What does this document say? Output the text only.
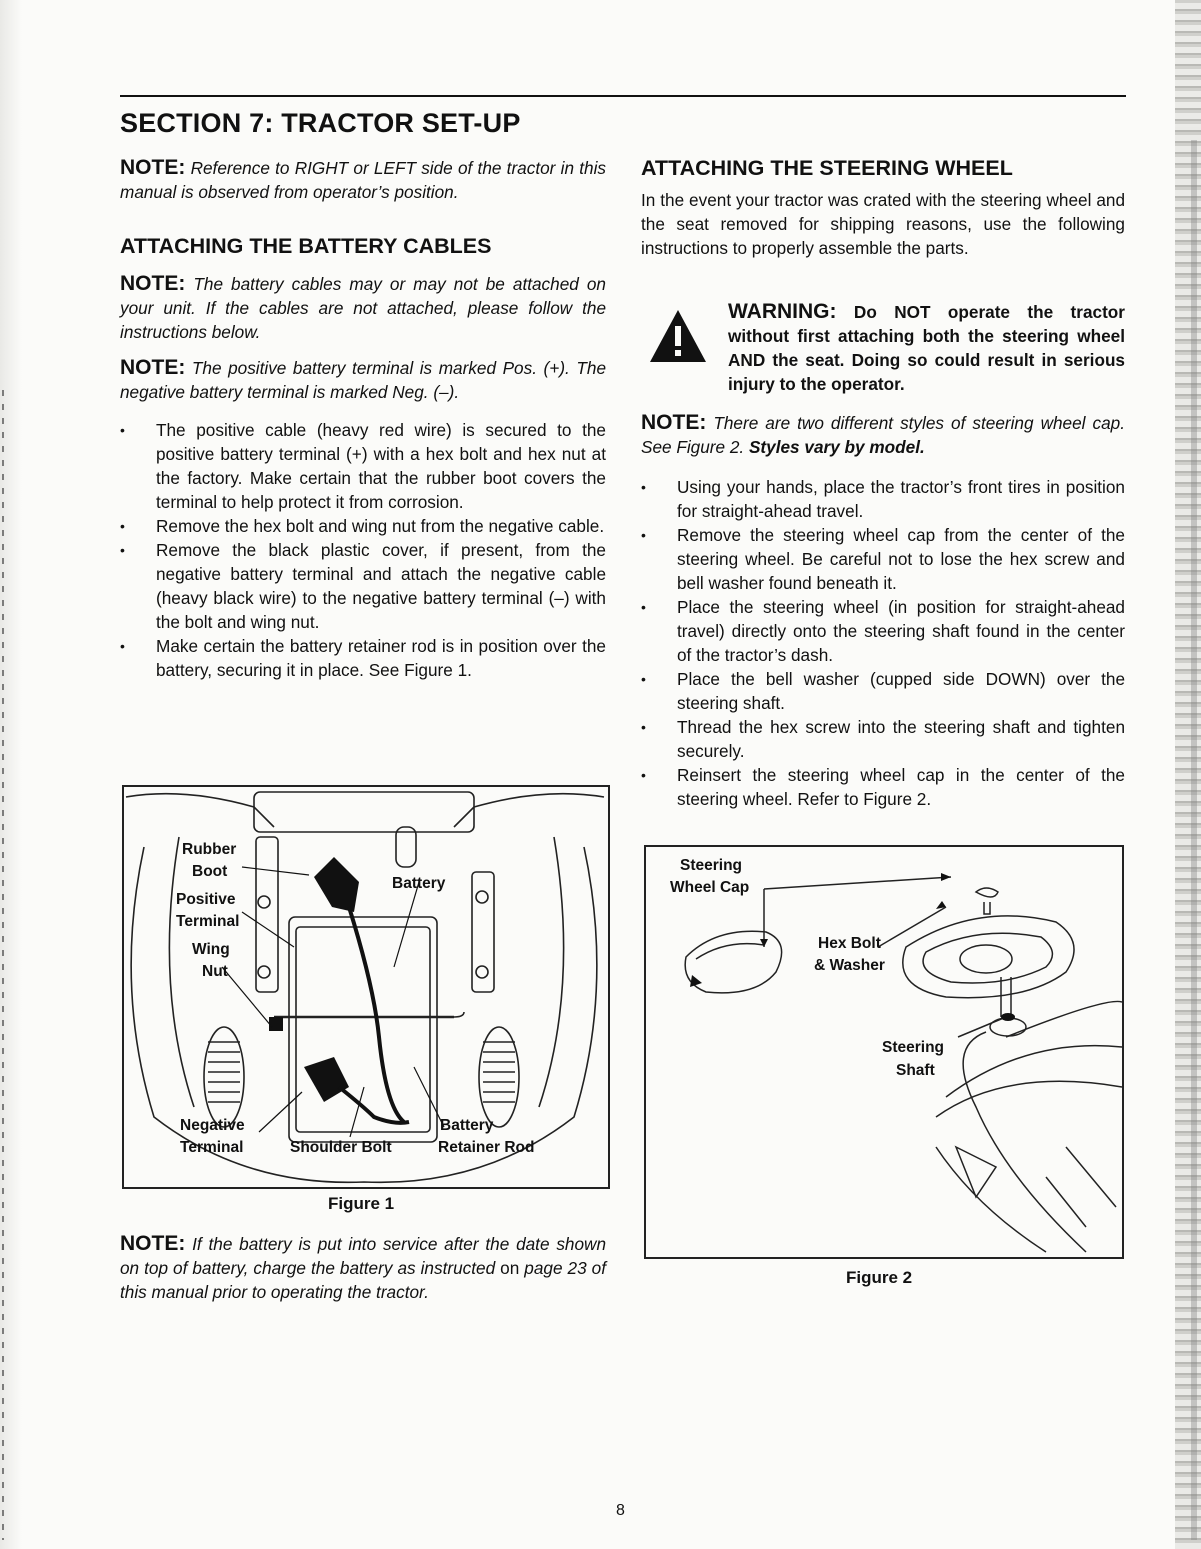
SECTION 7: TRACTOR SET-UP

NOTE: Reference to RIGHT or LEFT side of the tractor in this manual is observed from operator’s position.

ATTACHING THE BATTERY CABLES

NOTE: The battery cables may or may not be attached on your unit. If the cables are not attached, please follow the instructions below.

NOTE: The positive battery terminal is marked Pos. (+). The negative battery terminal is marked Neg. (–).

• The positive cable (heavy red wire) is secured to the positive battery terminal (+) with a hex bolt and hex nut at the factory. Make certain that the rubber boot covers the terminal to help protect it from corrosion.
• Remove the hex bolt and wing nut from the negative cable.
• Remove the black plastic cover, if present, from the negative battery terminal and attach the negative cable (heavy black wire) to the negative battery terminal (–) with the bolt and wing nut.
• Make certain the battery retainer rod is in position over the battery, securing it in place. See Figure 1.
Rubber
Boot
Positive
Terminal
Wing
Nut
Battery
Negative
Terminal	Shoulder Bolt
Battery
Retainer Rod
Figure 1

NOTE: If the battery is put into service after the date shown on top of battery, charge the battery as instructed on page 23 of this manual prior to operating the tractor.

ATTACHING THE STEERING WHEEL

In the event your tractor was crated with the steering wheel and the seat removed for shipping reasons, use the following instructions to properly assemble the parts.

WARNING: Do NOT operate the tractor without first attaching both the steering wheel AND the seat. Doing so could result in serious injury to the operator.

NOTE: There are two different styles of steering wheel cap. See Figure 2. Styles vary by model.

• Using your hands, place the tractor’s front tires in position for straight-ahead travel.
• Remove the steering wheel cap from the center of the steering wheel. Be careful not to lose the hex screw and bell washer found beneath it.
• Place the steering wheel (in position for straight-ahead travel) directly onto the steering shaft found in the center of the tractor’s dash.
• Place the bell washer (cupped side DOWN) over the steering shaft.
• Thread the hex screw into the steering shaft and tighten securely.
• Reinsert the steering wheel cap in the center of the steering wheel. Refer to Figure 2.
Steering
Wheel Cap
Hex Bolt
& Washer
Steering
Shaft
Figure 2
8
